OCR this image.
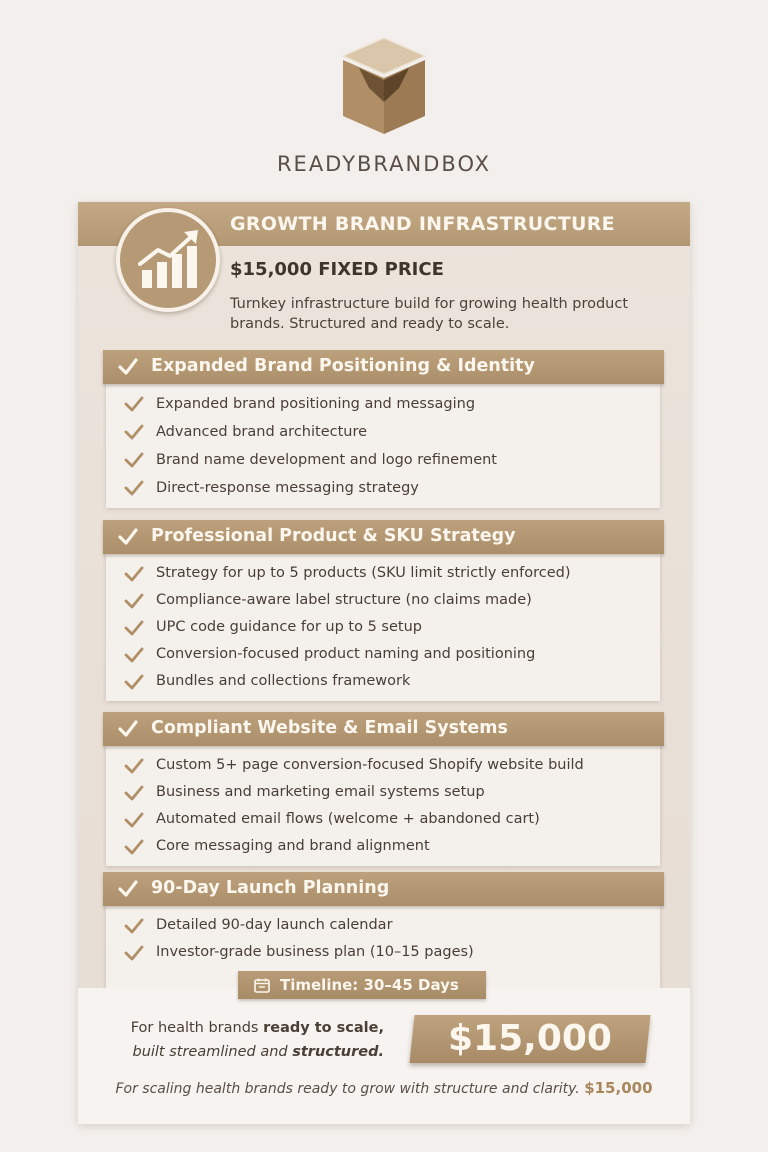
READYBRANDBOX
GROWTH BRAND INFRASTRUCTURE
$15,000 FIXED PRICE
Turnkey infrastructure build for growing health product brands. Structured and ready to scale.
Expanded Brand Positioning & Identity
Expanded brand positioning and messaging
Advanced brand architecture
Brand name development and logo refinement
Direct-response messaging strategy
Professional Product & SKU Strategy
Strategy for up to 5 products (SKU limit strictly enforced)
Compliance-aware label structure (no claims made)
UPC code guidance for up to 5 setup
Conversion-focused product naming and positioning
Bundles and collections framework
Compliant Website & Email Systems
Custom 5+ page conversion-focused Shopify website build
Business and marketing email systems setup
Automated email flows (welcome + abandoned cart)
Core messaging and brand alignment
90-Day Launch Planning
Detailed 90-day launch calendar
Investor-grade business plan (10–15 pages)
For health brands ready to scale,
built streamlined and structured.	$15,000
For scaling health brands ready to grow with structure and clarity. $15,000
Timeline: 30–45 Days
